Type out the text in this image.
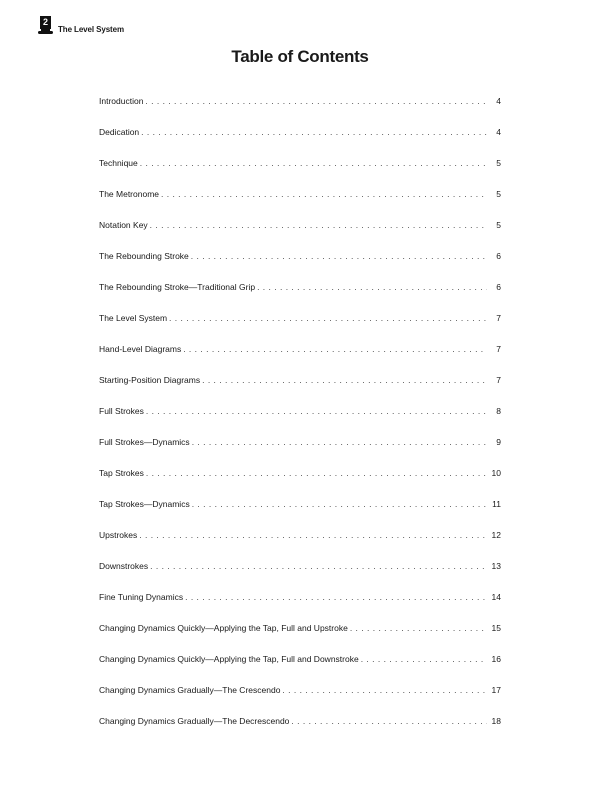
2
The Level System
Table of Contents
Introduction . . .	4
Dedication . . .	4
Technique . . .	5
The Metronome . . .	5
Notation Key . . .	5
The Rebounding Stroke . . .	6
The Rebounding Stroke—Traditional Grip . . .	6
The Level System . . .	7
Hand-Level Diagrams . . .	7
Starting-Position Diagrams . . .	7
Full Strokes . . .	8
Full Strokes—Dynamics . . .	9
Tap Strokes . . .	10
Tap Strokes—Dynamics . . .	11
Upstrokes . . .	12
Downstrokes . . .	13
Fine Tuning Dynamics . . .	14
Changing Dynamics Quickly—Applying the Tap, Full and Upstroke . . .	15
Changing Dynamics Quickly—Applying the Tap, Full and Downstroke . . .	16
Changing Dynamics Gradually—The Crescendo . . .	17
Changing Dynamics Gradually—The Decrescendo . . .	18
